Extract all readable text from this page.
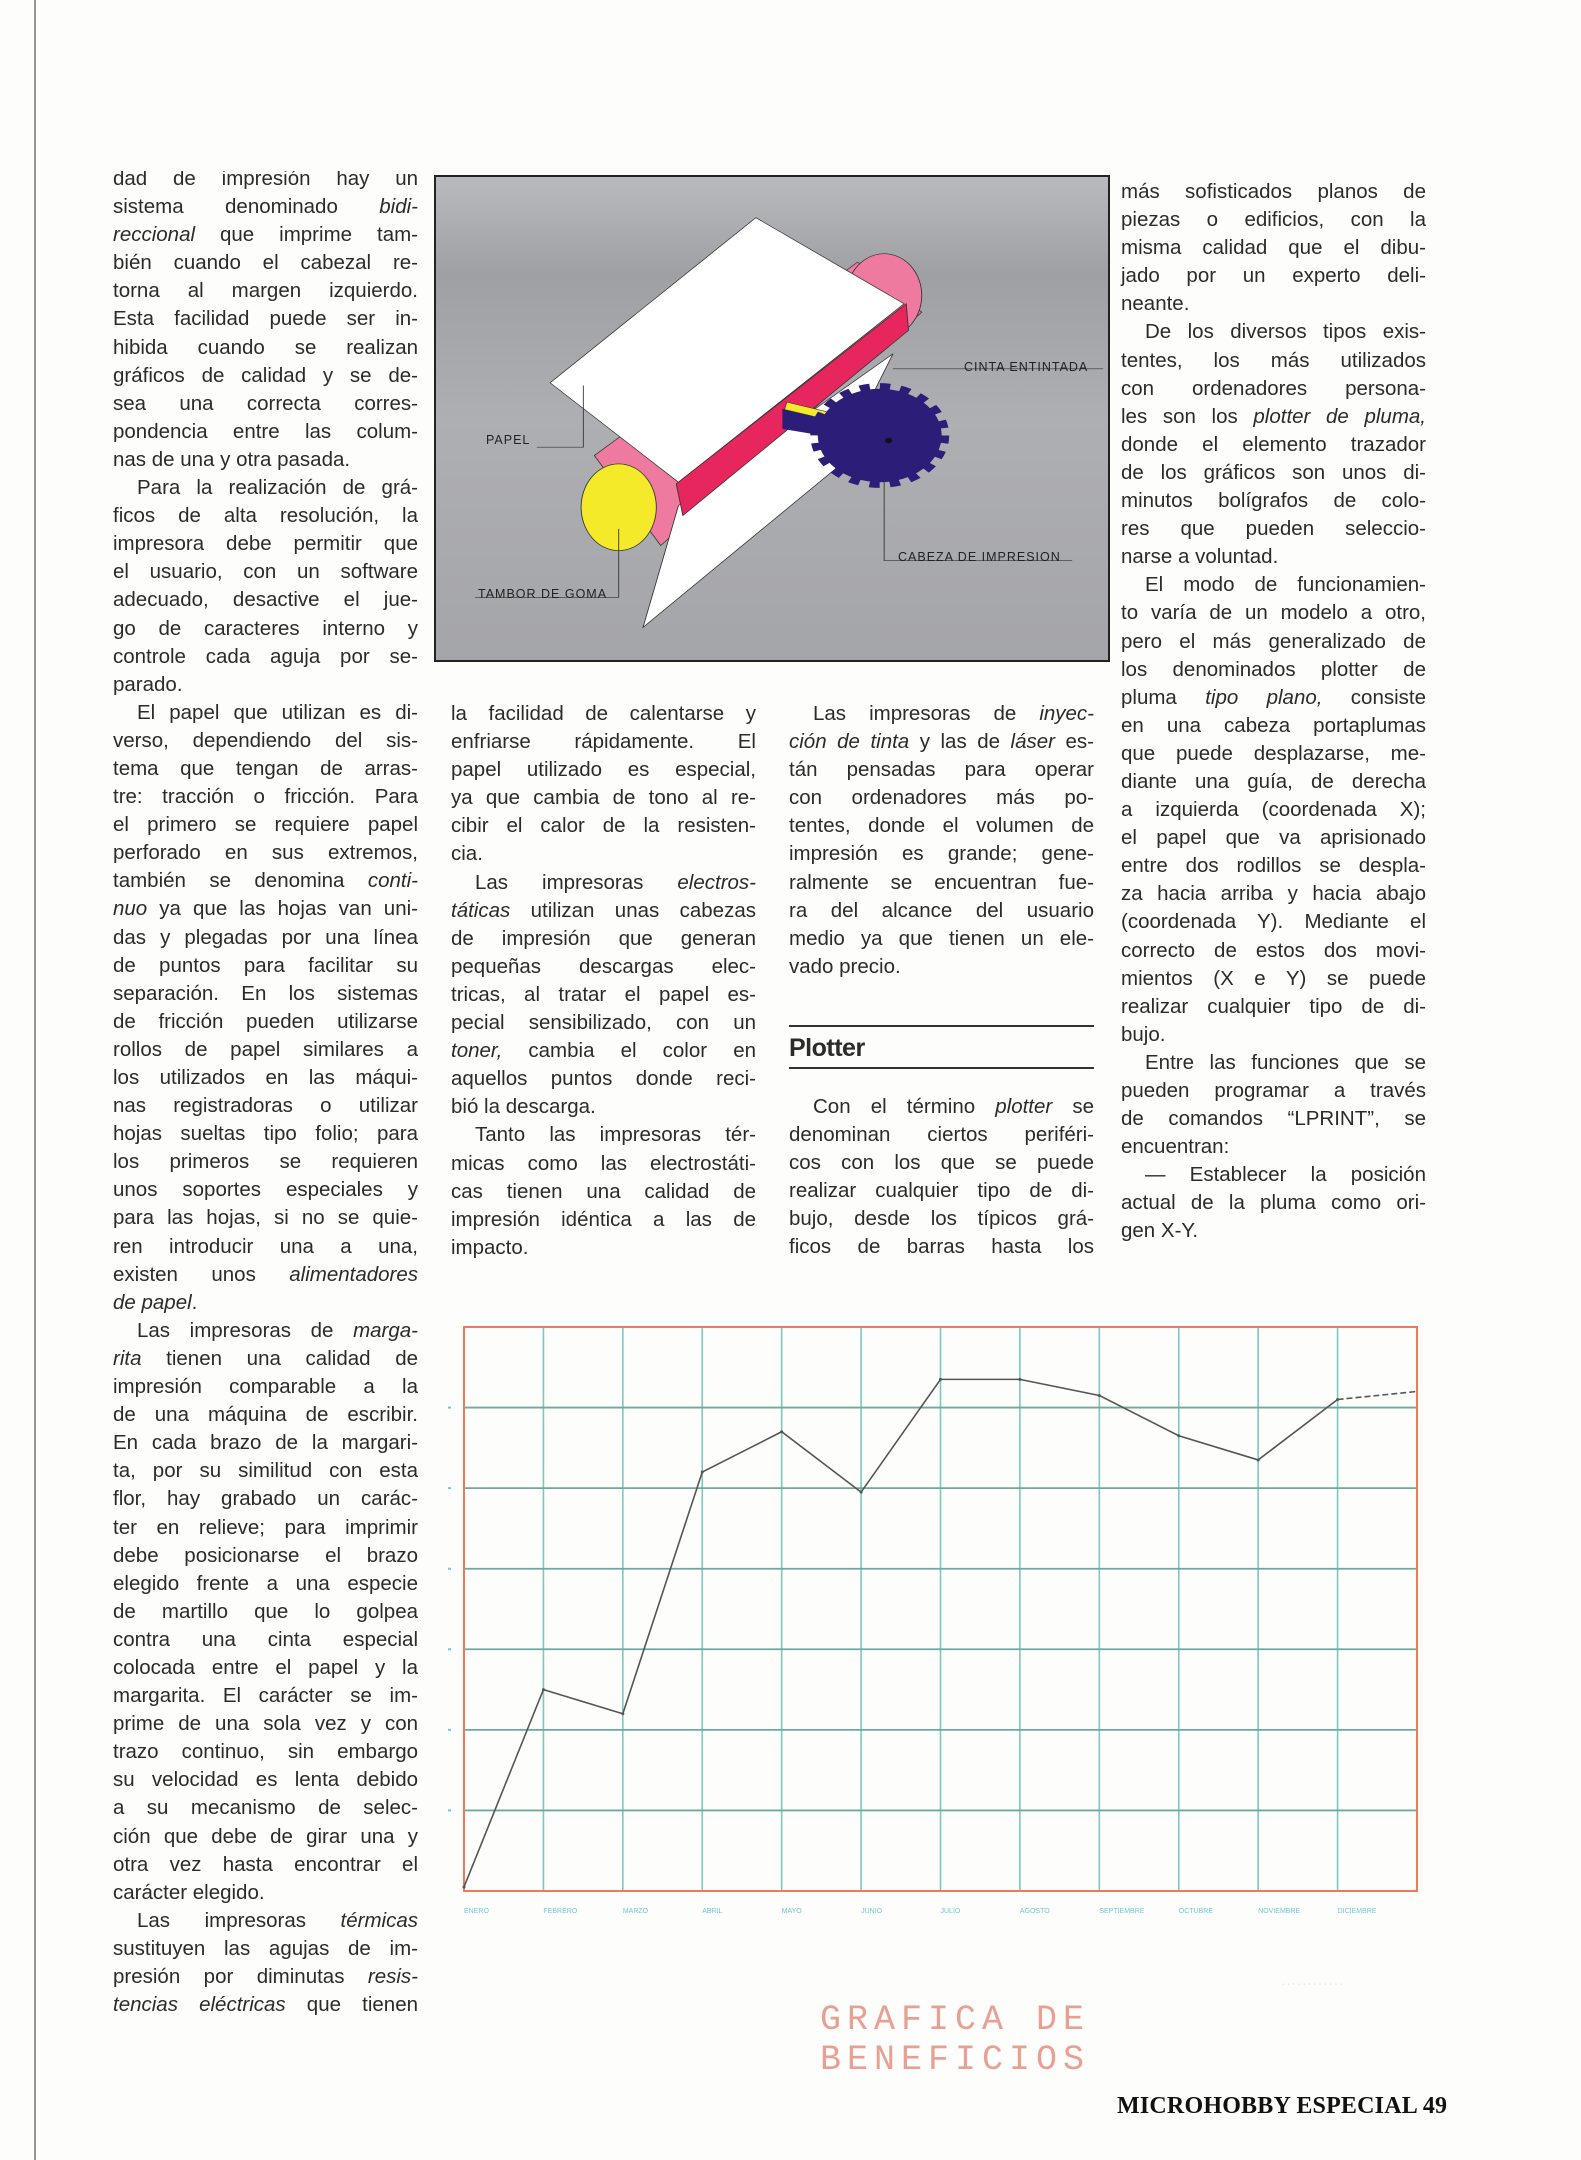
dad de impresión hay un
sistema denominado bidi-
reccional que imprime tam-
bién cuando el cabezal re-
torna al margen izquierdo.
Esta facilidad puede ser in-
hibida cuando se realizan
gráficos de calidad y se de-
sea una correcta corres-
pondencia entre las colum-
nas de una y otra pasada.
Para la realización de grá-
ficos de alta resolución, la
impresora debe permitir que
el usuario, con un software
adecuado, desactive el jue-
go de caracteres interno y
controle cada aguja por se-
parado.
El papel que utilizan es di-
verso, dependiendo del sis-
tema que tengan de arras-
tre: tracción o fricción. Para
el primero se requiere papel
perforado en sus extremos,
también se denomina conti-
nuo ya que las hojas van uni-
das y plegadas por una línea
de puntos para facilitar su
separación. En los sistemas
de fricción pueden utilizarse
rollos de papel similares a
los utilizados en las máqui-
nas registradoras o utilizar
hojas sueltas tipo folio; para
los primeros se requieren
unos soportes especiales y
para las hojas, si no se quie-
ren introducir una a una,
existen unos alimentadores
de papel.
Las impresoras de marga-
rita tienen una calidad de
impresión comparable a la
de una máquina de escribir.
En cada brazo de la margari-
ta, por su similitud con esta
flor, hay grabado un carác-
ter en relieve; para imprimir
debe posicionarse el brazo
elegido frente a una especie
de martillo que lo golpea
contra una cinta especial
colocada entre el papel y la
margarita. El carácter se im-
prime de una sola vez y con
trazo continuo, sin embargo
su velocidad es lenta debido
a su mecanismo de selec-
ción que debe de girar una y
otra vez hasta encontrar el
carácter elegido.
Las impresoras térmicas
sustituyen las agujas de im-
presión por diminutas resis-
tencias eléctricas que tienen
la facilidad de calentarse y
enfriarse rápidamente. El
papel utilizado es especial,
ya que cambia de tono al re-
cibir el calor de la resisten-
cia.
Las impresoras electros-
táticas utilizan unas cabezas
de impresión que generan
pequeñas descargas elec-
tricas, al tratar el papel es-
pecial sensibilizado, con un
toner, cambia el color en
aquellos puntos donde reci-
bió la descarga.
Tanto las impresoras tér-
micas como las electrostáti-
cas tienen una calidad de
impresión idéntica a las de
impacto.
Las impresoras de inyec-
ción de tinta y las de láser es-
tán pensadas para operar
con ordenadores más po-
tentes, donde el volumen de
impresión es grande; gene-
ralmente se encuentran fue-
ra del alcance del usuario
medio ya que tienen un ele-
vado precio.
Plotter
Con el término plotter se
denominan ciertos periféri-
cos con los que se puede
realizar cualquier tipo de di-
bujo, desde los típicos grá-
ficos de barras hasta los
más sofisticados planos de
piezas o edificios, con la
misma calidad que el dibu-
jado por un experto deli-
neante.
De los diversos tipos exis-
tentes, los más utilizados
con ordenadores persona-
les son los plotter de pluma,
donde el elemento trazador
de los gráficos son unos di-
minutos bolígrafos de colo-
res que pueden seleccio-
narse a voluntad.
El modo de funcionamien-
to varía de un modelo a otro,
pero el más generalizado de
los denominados plotter de
pluma tipo plano, consiste
en una cabeza portaplumas
que puede desplazarse, me-
diante una guía, de derecha
a izquierda (coordenada X);
el papel que va aprisionado
entre dos rodillos se despla-
za hacia arriba y hacia abajo
(coordenada Y). Mediante el
correcto de estos dos movi-
mientos (X e Y) se puede
realizar cualquier tipo de di-
bujo.
Entre las funciones que se
pueden programar a través
de comandos “LPRINT”, se
encuentran:
— Establecer la posición
actual de la pluma como ori-
gen X-Y.
PAPEL
CINTA ENTINTADA
CABEZA DE IMPRESION
TAMBOR DE GOMA
ENERO	FEBRERO	MARZO	ABRIL	MAYO	JUNIO	JULIO	AGOSTO	SEPTIEMBRE	OCTUBRE	NOVIEMBRE	DICIEMBRE
· · · · · · · · · · · ·
GRAFICA DE BENEFICIOS
MICROHOBBY ESPECIAL 49
